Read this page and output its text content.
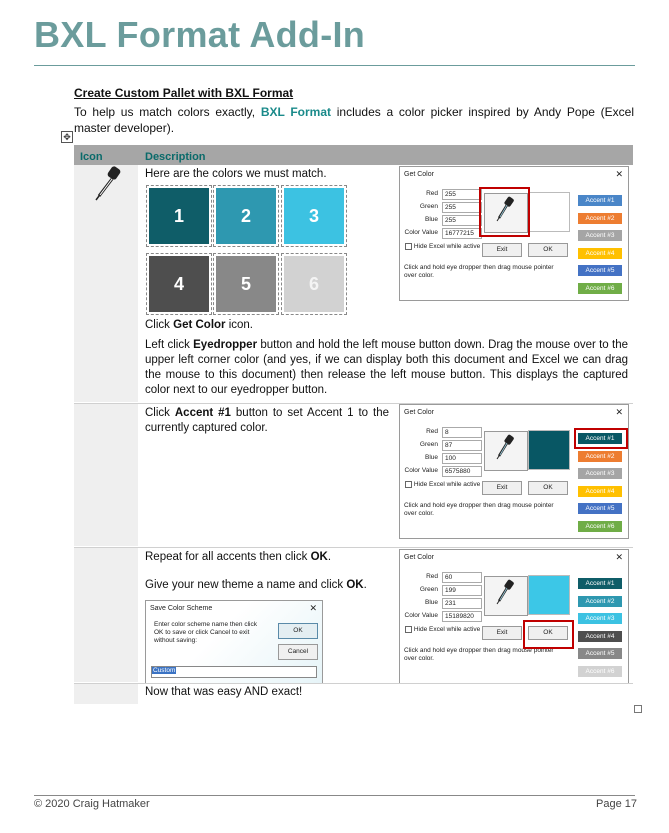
BXL Format Add-In
Create Custom Pallet with BXL Format
To help us match colors exactly, BXL Format includes a color picker inspired by Andy Pope (Excel master developer).
✥
Icon	Description
Here are the colors we must match.
1	2	3
4	5	6
Click Get Color icon.
Left click Eyedropper button and hold the left mouse button down. Drag the mouse over to the upper left corner color (and yes, if we can display both this document and Excel we can drag the mouse to this document) then release the left mouse button. This displays the captured color next to our eyedropper button.
Get Color	✕
Red	255
Green	255
Blue	255
Color Value	16777215
Hide Excel while active	Exit	OK
Click and hold eye dropper then drag mouse pointer over color.
Accent #1
Accent #2
Accent #3
Accent #4
Accent #5
Accent #6
Click Accent #1 button to set Accent 1 to the currently captured color.
Get Color	✕
Red	8
Green	87
Blue	100
Color Value	6575880
Hide Excel while active	Exit	OK
Click and hold eye dropper then drag mouse pointer over color.
Accent #1
Accent #2
Accent #3
Accent #4
Accent #5
Accent #6
Repeat for all accents then click OK.
Give your new theme a name and click OK.
Save Color Scheme	✕
Enter color scheme name then click OK to save or click Cancel to exit without saving:
OK
Cancel
Custom
Get Color	✕
Red	60
Green	199
Blue	231
Color Value	15189820
Hide Excel while active	Exit	OK
Click and hold eye dropper then drag mouse pointer over color.
Accent #1
Accent #2
Accent #3
Accent #4
Accent #5
Accent #6
Now that was easy AND exact!
© 2020 Craig Hatmaker	Page 17
